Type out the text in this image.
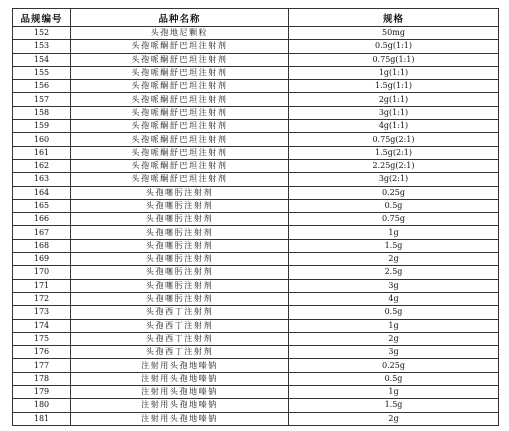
品规编号	品种名称	规格
152	头孢地尼颗粒	50mg
153	头孢哌酮舒巴坦注射剂	0.5g(1:1)
154	头孢哌酮舒巴坦注射剂	0.75g(1:1)
155	头孢哌酮舒巴坦注射剂	1g(1:1)
156	头孢哌酮舒巴坦注射剂	1.5g(1:1)
157	头孢哌酮舒巴坦注射剂	2g(1:1)
158	头孢哌酮舒巴坦注射剂	3g(1:1)
159	头孢哌酮舒巴坦注射剂	4g(1:1)
160	头孢哌酮舒巴坦注射剂	0.75g(2:1)
161	头孢哌酮舒巴坦注射剂	1.5g(2:1)
162	头孢哌酮舒巴坦注射剂	2.25g(2:1)
163	头孢哌酮舒巴坦注射剂	3g(2:1)
164	头孢噻肟注射剂	0.25g
165	头孢噻肟注射剂	0.5g
166	头孢噻肟注射剂	0.75g
167	头孢噻肟注射剂	1g
168	头孢噻肟注射剂	1.5g
169	头孢噻肟注射剂	2g
170	头孢噻肟注射剂	2.5g
171	头孢噻肟注射剂	3g
172	头孢噻肟注射剂	4g
173	头孢西丁注射剂	0.5g
174	头孢西丁注射剂	1g
175	头孢西丁注射剂	2g
176	头孢西丁注射剂	3g
177	注射用头孢地嗪钠	0.25g
178	注射用头孢地嗪钠	0.5g
179	注射用头孢地嗪钠	1g
180	注射用头孢地嗪钠	1.5g
181	注射用头孢地嗪钠	2g
